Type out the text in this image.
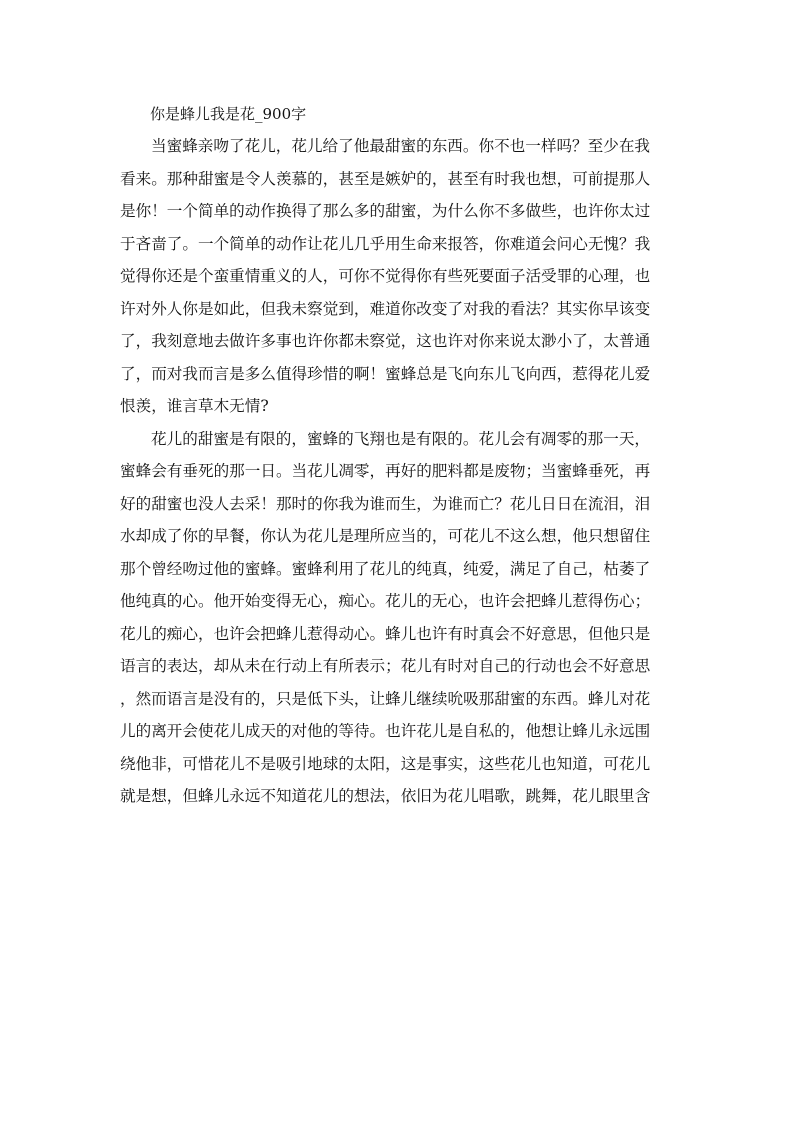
你是蜂儿我是花_900字

当蜜蜂亲吻了花儿，花儿给了他最甜蜜的东西。你不也一样吗？至少在我
看来。那种甜蜜是令人羡慕的，甚至是嫉妒的，甚至有时我也想，可前提那人
是你！一个简单的动作换得了那么多的甜蜜，为什么你不多做些，也许你太过
于吝啬了。一个简单的动作让花儿几乎用生命来报答，你难道会问心无愧？我
觉得你还是个蛮重情重义的人，可你不觉得你有些死要面子活受罪的心理，也
许对外人你是如此，但我未察觉到，难道你改变了对我的看法？其实你早该变
了，我刻意地去做许多事也许你都未察觉，这也许对你来说太渺小了，太普通
了，而对我而言是多么值得珍惜的啊！蜜蜂总是飞向东儿飞向西，惹得花儿爱
恨羡，谁言草木无情?

花儿的甜蜜是有限的，蜜蜂的飞翔也是有限的。花儿会有凋零的那一天，
蜜蜂会有垂死的那一日。当花儿凋零，再好的肥料都是废物；当蜜蜂垂死，再
好的甜蜜也没人去采！那时的你我为谁而生，为谁而亡？花儿日日在流泪，泪
水却成了你的早餐，你认为花儿是理所应当的，可花儿不这么想，他只想留住
那个曾经吻过他的蜜蜂。蜜蜂利用了花儿的纯真，纯爱，满足了自己，枯萎了
他纯真的心。他开始变得无心，痴心。花儿的无心，也许会把蜂儿惹得伤心；
花儿的痴心，也许会把蜂儿惹得动心。蜂儿也许有时真会不好意思，但他只是
语言的表达，却从未在行动上有所表示；花儿有时对自己的行动也会不好意思
，然而语言是没有的，只是低下头，让蜂儿继续吮吸那甜蜜的东西。蜂儿对花
儿的离开会使花儿成天的对他的等待。也许花儿是自私的，他想让蜂儿永远围
绕他非，可惜花儿不是吸引地球的太阳，这是事实，这些花儿也知道，可花儿
就是想，但蜂儿永远不知道花儿的想法，依旧为花儿唱歌，跳舞，花儿眼里含
